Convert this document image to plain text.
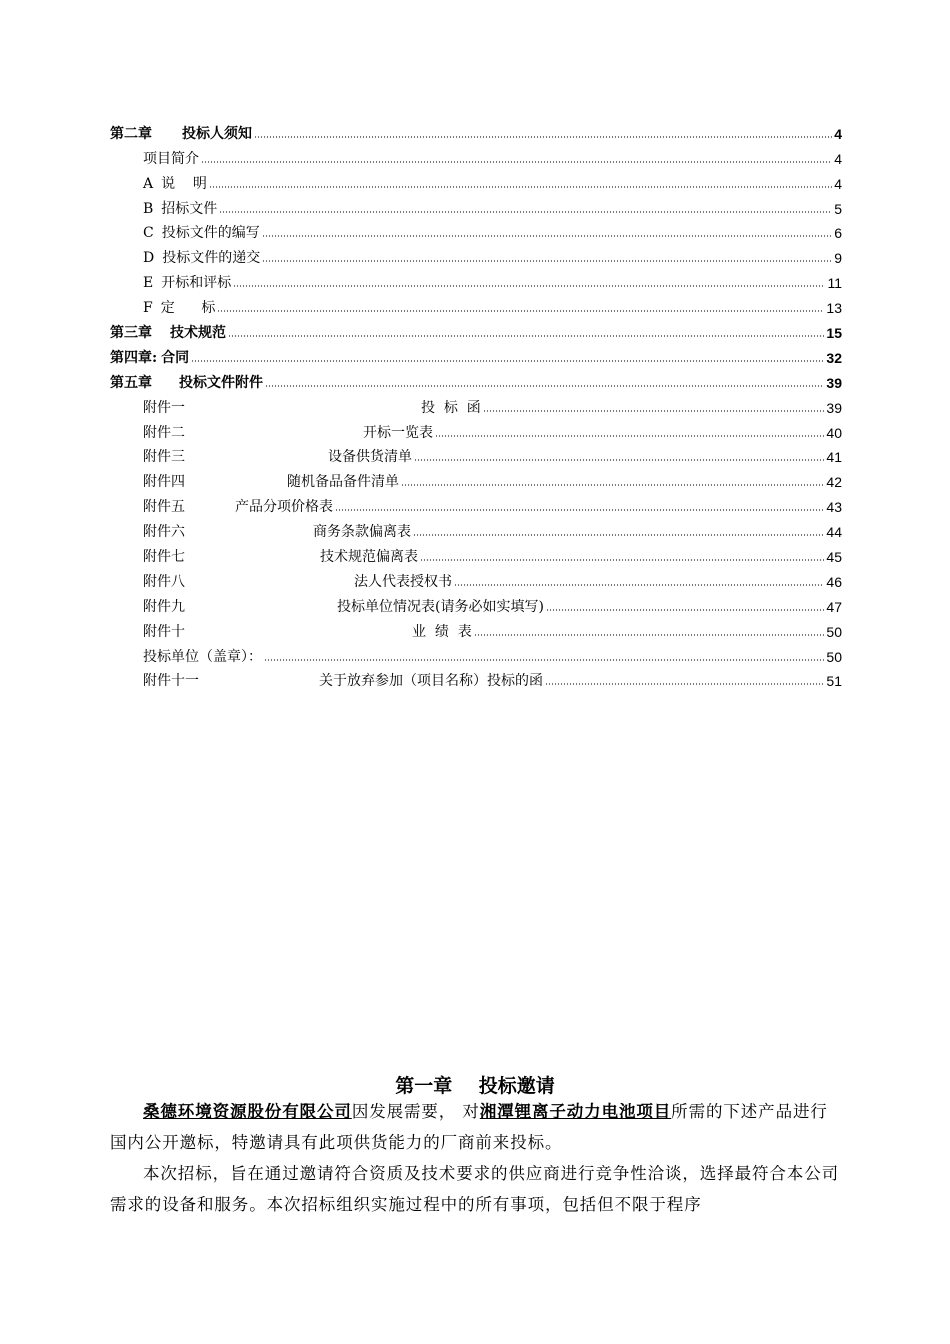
第二章 投标人须知	4
项目简介	4
A 说    明	4
B 招标文件	5
C 投标文件的编写	6
D 投标文件的递交	9
E 开标和评标	11
F 定      标	13
第三章 技术规范	15
第四章: 合同	32
第五章 投标文件附件	39
附件一	投  标  函	39
附件二	开标一览表	40
附件三	设备供货清单	41
附件四	随机备品备件清单	42
附件五	产品分项价格表	43
附件六	商务条款偏离表	44
附件七	技术规范偏离表	45
附件八	法人代表授权书	46
附件九	投标单位情况表(请务必如实填写)	47
附件十	业  绩  表	50
投标单位（盖章）：	50
附件十一	关于放弃参加（项目名称）投标的函	51
第一章    投标邀请

桑德环境资源股份有限公司因发展需要， 对湘潭锂离子动力电池项目所需的下述产品进行国内公开邀标，特邀请具有此项供货能力的厂商前来投标。

本次招标，旨在通过邀请符合资质及技术要求的供应商进行竞争性洽谈，选择最符合本公司需求的设备和服务。本次招标组织实施过程中的所有事项，包括但不限于程序
